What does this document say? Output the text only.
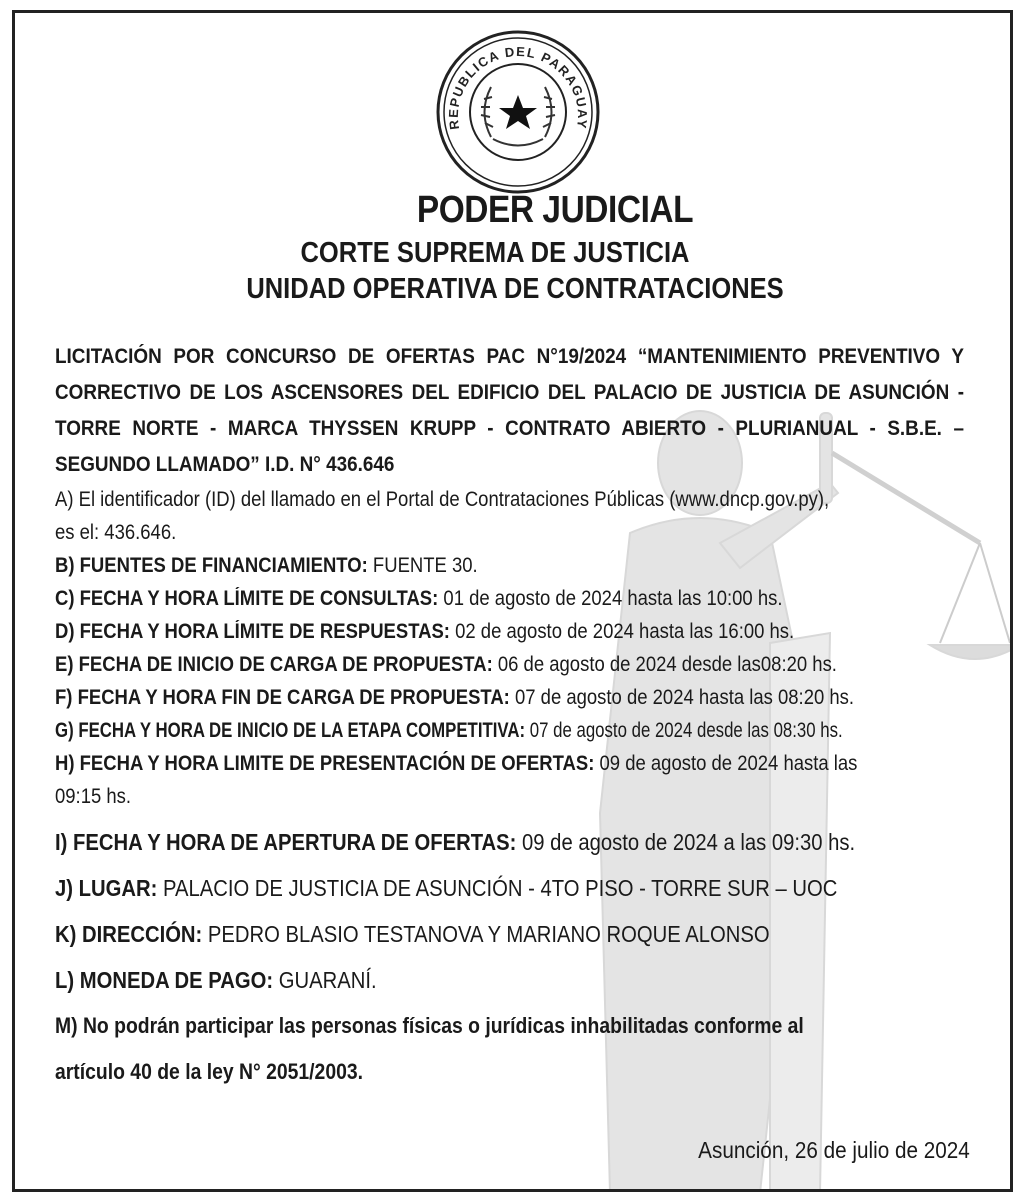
REPUBLICA DEL PARAGUAY
PODER JUDICIAL
CORTE SUPREMA DE JUSTICIA
UNIDAD OPERATIVA DE CONTRATACIONES
LICITACIÓN POR CONCURSO DE OFERTAS PAC N°19/2024 “MANTENIMIENTO PREVENTIVO Y CORRECTIVO DE LOS ASCENSORES DEL EDIFICIO DEL PALACIO DE JUSTICIA DE ASUNCIÓN - TORRE NORTE - MARCA THYSSEN KRUPP - CONTRATO ABIERTO - PLURIANUAL - S.B.E. – SEGUNDO LLAMADO” I.D. N° 436.646
A) El identificador (ID) del llamado en el Portal de Contrataciones Públicas (www.dncp.gov.py),
es el: 436.646.
B) FUENTES DE FINANCIAMIENTO: FUENTE 30.
C) FECHA Y HORA LÍMITE DE CONSULTAS: 01 de agosto de 2024 hasta las 10:00 hs.
D) FECHA Y HORA LÍMITE DE RESPUESTAS: 02 de agosto de 2024 hasta las 16:00 hs.
E) FECHA DE INICIO DE CARGA DE PROPUESTA: 06 de agosto de 2024 desde las08:20 hs.
F) FECHA Y HORA FIN DE CARGA DE PROPUESTA: 07 de agosto de 2024 hasta las 08:20 hs.
G) FECHA Y HORA DE INICIO DE LA ETAPA COMPETITIVA: 07 de agosto de 2024 desde las 08:30 hs.
H) FECHA Y HORA LIMITE DE PRESENTACIÓN DE OFERTAS: 09 de agosto de 2024 hasta las
09:15 hs.
I) FECHA Y HORA DE APERTURA DE OFERTAS: 09 de agosto de 2024 a las 09:30 hs.
J) LUGAR: PALACIO DE JUSTICIA DE ASUNCIÓN - 4TO PISO - TORRE SUR – UOC
K) DIRECCIÓN: PEDRO BLASIO TESTANOVA Y MARIANO ROQUE ALONSO
L) MONEDA DE PAGO: GUARANÍ.
M) No podrán participar las personas físicas o jurídicas inhabilitadas conforme al
artículo 40 de la ley N° 2051/2003.
Asunción, 26 de julio de 2024
